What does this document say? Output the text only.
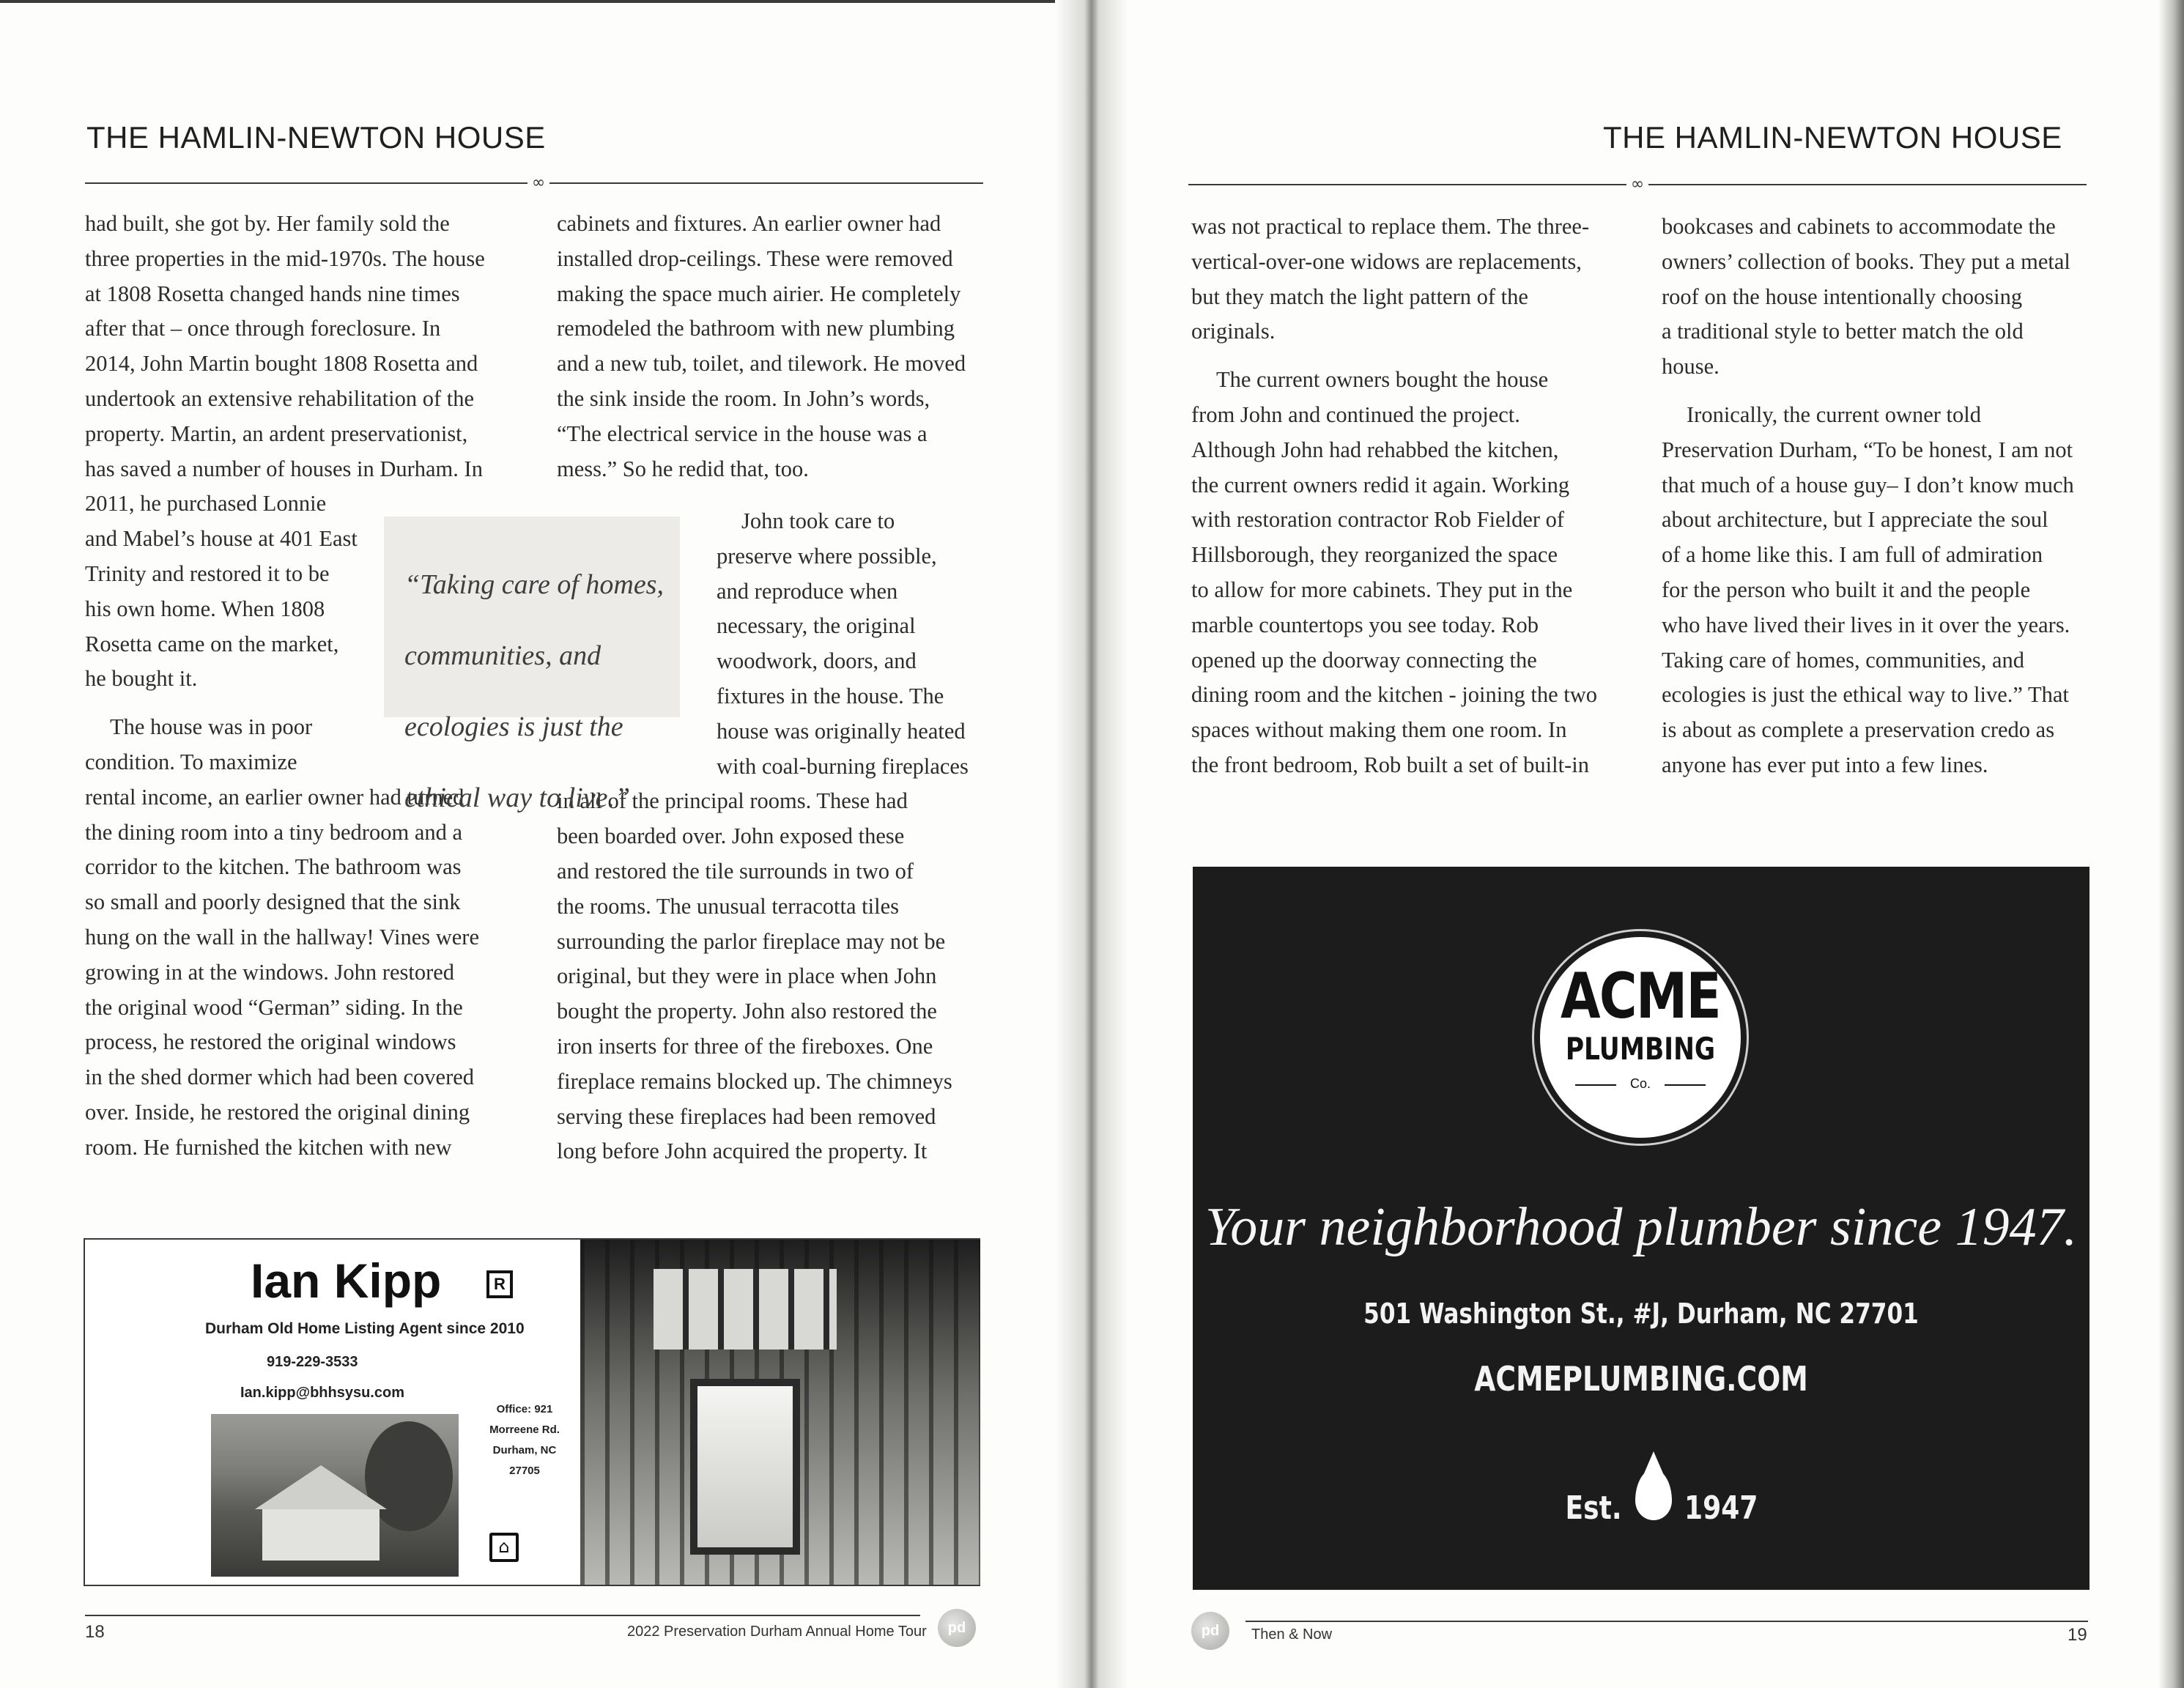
THE HAMLIN-NEWTON HOUSE
∞

had built, she got by. Her family sold the

three properties in the mid-1970s. The house

at 1808 Rosetta changed hands nine times

after that – once through foreclosure. In

2014, John Martin bought 1808 Rosetta and

undertook an extensive rehabilitation of the

property. Martin, an ardent preservationist,

has saved a number of houses in Durham. In

2011, he purchased Lonnie

and Mabel’s house at 401 East

Trinity and restored it to be

his own home. When 1808

Rosetta came on the market,

he bought it.

The house was in poor

condition. To maximize

rental income, an earlier owner had turned

the dining room into a tiny bedroom and a

corridor to the kitchen. The bathroom was

so small and poorly designed that the sink

hung on the wall in the hallway! Vines were

growing in at the windows. John restored

the original wood “German” siding. In the

process, he restored the original windows

in the shed dormer which had been covered

over. Inside, he restored the original dining

room. He furnished the kitchen with new

cabinets and fixtures. An earlier owner had

installed drop-ceilings. These were removed

making the space much airier. He completely

remodeled the bathroom with new plumbing

and a new tub, toilet, and tilework. He moved

the sink inside the room. In John’s words,

“The electrical service in the house was a

mess.” So he redid that, too.

John took care to

preserve where possible,

and reproduce when

necessary, the original

woodwork, doors, and

fixtures in the house. The

house was originally heated

with coal-burning fireplaces

in all of the principal rooms. These had

been boarded over. John exposed these

and restored the tile surrounds in two of

the rooms. The unusual terracotta tiles

surrounding the parlor fireplace may not be

original, but they were in place when John

bought the property. John also restored the

iron inserts for three of the fireboxes. One

fireplace remains blocked up. The chimneys

serving these fireplaces had been removed

long before John acquired the property. It

“Taking care of homes,

communities, and

ecologies is just the

ethical way to live.”

Ian Kipp	R
Durham Old Home Listing Agent since 2010
919-229-3533
Ian.kipp@bhhsysu.com
Office: 921
Morreene Rd.
Durham, NC
27705
⌂
18	2022 Preservation Durham Annual Home Tour	pd
THE HAMLIN-NEWTON HOUSE
∞

was not practical to replace them. The three-

vertical-over-one widows are replacements,

but they match the light pattern of the

originals.

The current owners bought the house

from John and continued the project.

Although John had rehabbed the kitchen,

the current owners redid it again. Working

with restoration contractor Rob Fielder of

Hillsborough, they reorganized the space

to allow for more cabinets. They put in the

marble countertops you see today. Rob

opened up the doorway connecting the

dining room and the kitchen - joining the two

spaces without making them one room. In

the front bedroom, Rob built a set of built-in

bookcases and cabinets to accommodate the

owners’ collection of books. They put a metal

roof on the house intentionally choosing

a traditional style to better match the old

house.

Ironically, the current owner told

Preservation Durham, “To be honest, I am not

that much of a house guy– I don’t know much

about architecture, but I appreciate the soul

of a home like this. I am full of admiration

for the person who built it and the people

who have lived their lives in it over the years.

Taking care of homes, communities, and

ecologies is just the ethical way to live.” That

is about as complete a preservation credo as

anyone has ever put into a few lines.

ACME
PLUMBING
Co.
Your neighborhood plumber since 1947.
501 Washington St., #J, Durham, NC 27701
ACMEPLUMBING.COM
Est. 1947
pd	Then & Now	19
